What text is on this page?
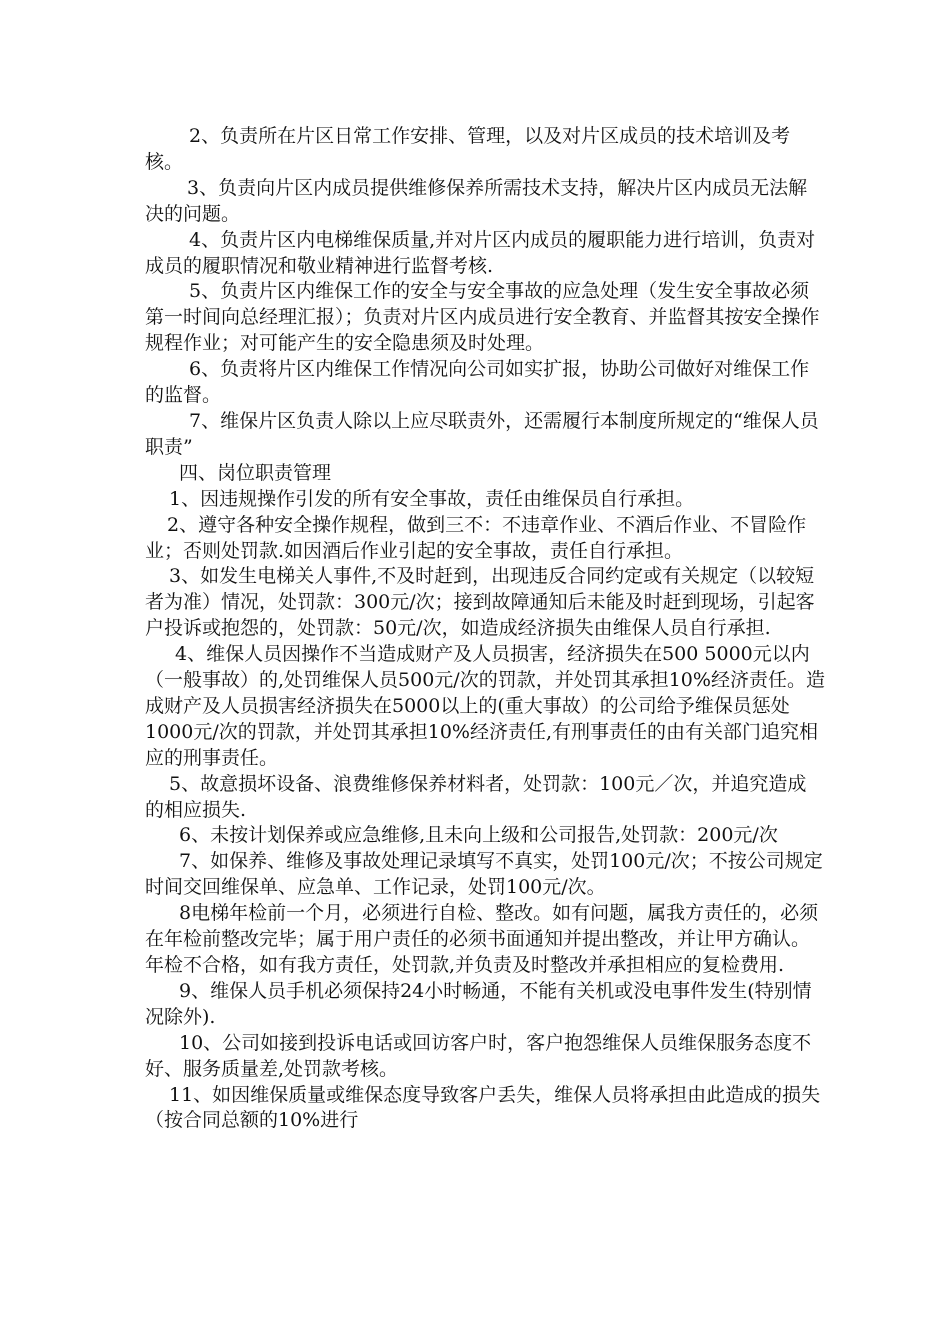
2、负责所在片区日常工作安排、管理，以及对片区成员的技术培训及考核。

3、负责向片区内成员提供维修保养所需技术支持，解决片区内成员无法解决的问题。

4、负责片区内电梯维保质量,并对片区内成员的履职能力进行培训，负责对成员的履职情况和敬业精神进行监督考核.

5、负责片区内维保工作的安全与安全事故的应急处理（发生安全事故必须第一时间向总经理汇报）；负责对片区内成员进行安全教育、并监督其按安全操作规程作业；对可能产生的安全隐患须及时处理。

6、负责将片区内维保工作情况向公司如实扩报，协助公司做好对维保工作的监督。

7、维保片区负责人除以上应尽联责外，还需履行本制度所规定的“维保人员职责”

四、岗位职责管理

1、因违规操作引发的所有安全事故，责任由维保员自行承担。

2、遵守各种安全操作规程，做到三不：不违章作业、不酒后作业、不冒险作业；否则处罚款.如因酒后作业引起的安全事故，责任自行承担。

3、如发生电梯关人事件,不及时赶到，出现违反合同约定或有关规定（以较短者为准）情况，处罚款：300元/次；接到故障通知后未能及时赶到现场，引起客户投诉或抱怨的，处罚款：50元/次，如造成经济损失由维保人员自行承担.

4、维保人员因操作不当造成财产及人员损害，经济损失在500 5000元以内（一般事故）的,处罚维保人员500元/次的罚款，并处罚其承担10%经济责任。造成财产及人员损害经济损失在5000以上的(重大事故）的公司给予维保员惩处1000元/次的罚款，并处罚其承担10%经济责任,有刑事责任的由有关部门追究相应的刑事责任。

5、故意损坏设备、浪费维修保养材料者，处罚款：100元／次，并追究造成的相应损失.

6、未按计划保养或应急维修,且未向上级和公司报告,处罚款：200元/次

7、如保养、维修及事故处理记录填写不真实，处罚100元/次；不按公司规定时间交回维保单、应急单、工作记录，处罚100元/次。

8电梯年检前一个月，必须进行自检、整改。如有问题，属我方责任的，必须在年检前整改完毕；属于用户责任的必须书面通知并提出整改，并让甲方确认。年检不合格，如有我方责任，处罚款,并负责及时整改并承担相应的复检费用.

9、维保人员手机必须保持24小时畅通，不能有关机或没电事件发生(特别情况除外).

10、公司如接到投诉电话或回访客户时，客户抱怨维保人员维保服务态度不好、服务质量差,处罚款考核。

11、如因维保质量或维保态度导致客户丢失，维保人员将承担由此造成的损失（按合同总额的10%进行
